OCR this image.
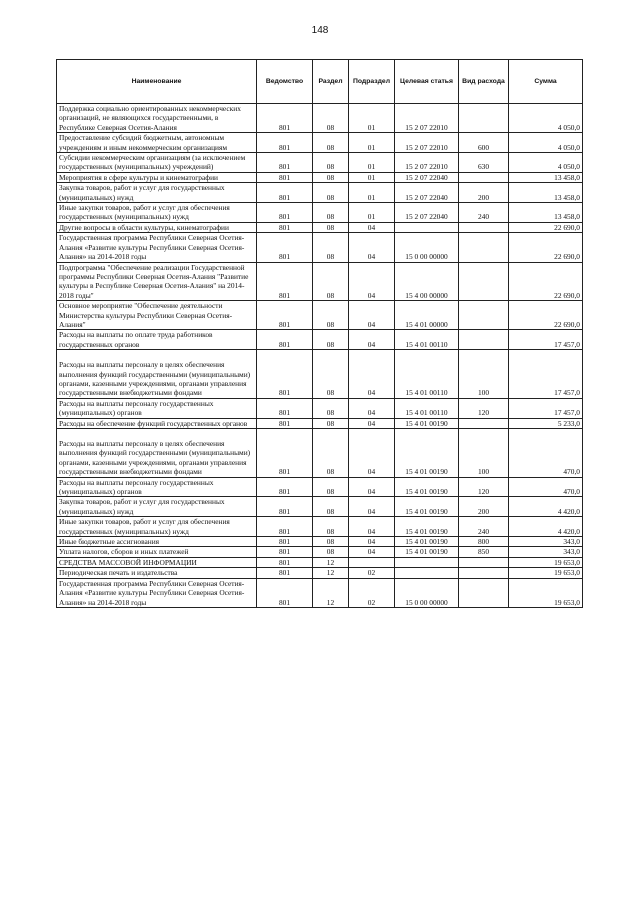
148
Наименование	Ведомство	Раздел	Подраздел	Целевая статья	Вид расхода	Сумма
Поддержка социально ориентированных некоммерческих организаций, не являющихся государственными, в Республике Северная Осетия-Алания	801	08	01	15 2 07 22010		4 050,0
Предоставление субсидий бюджетным, автономным учреждениям и иным некоммерческим организациям	801	08	01	15 2 07 22010	600	4 050,0
Субсидии некоммерческим организациям (за исключением государственных (муниципальных) учреждений)	801	08	01	15 2 07 22010	630	4 050,0
Мероприятия в сфере культуры и кинематографии	801	08	01	15 2 07 22040		13 458,0
Закупка товаров, работ и услуг для государственных (муниципальных) нужд	801	08	01	15 2 07 22040	200	13 458,0
Иные закупки товаров, работ и услуг для обеспечения государственных (муниципальных) нужд	801	08	01	15 2 07 22040	240	13 458,0
Другие вопросы в области культуры, кинематографии	801	08	04			22 690,0
Государственная программа Республики Северная Осетия-Алания «Развитие культуры Республики Северная Осетия-Алания» на 2014-2018 годы	801	08	04	15 0 00 00000		22 690,0
Подпрограмма "Обеспечение реализации Государственной программы Республики Северная Осетия-Алания "Развитие культуры в Республике Северная Осетия-Алания" на 2014-2018 годы"	801	08	04	15 4 00 00000		22 690,0
Основное мероприятие "Обеспечение деятельности Министерства культуры Республики Северная Осетия-Алания"	801	08	04	15 4 01 00000		22 690,0
Расходы на выплаты по оплате труда работников государственных органов	801	08	04	15 4 01 00110		17 457,0
Расходы на выплаты персоналу в целях обеспечения выполнения функций государственными (муниципальными) органами, казенными учреждениями, органами управления государственными внебюджетными фондами	801	08	04	15 4 01 00110	100	17 457,0
Расходы на выплаты персоналу государственных (муниципальных) органов	801	08	04	15 4 01 00110	120	17 457,0
Расходы на обеспечение функций государственных органов	801	08	04	15 4 01 00190		5 233,0
Расходы на выплаты персоналу в целях обеспечения выполнения функций государственными (муниципальными) органами, казенными учреждениями, органами управления государственными внебюджетными фондами	801	08	04	15 4 01 00190	100	470,0
Расходы на выплаты персоналу государственных (муниципальных) органов	801	08	04	15 4 01 00190	120	470,0
Закупка товаров, работ и услуг для государственных (муниципальных) нужд	801	08	04	15 4 01 00190	200	4 420,0
Иные закупки товаров, работ и услуг для обеспечения государственных (муниципальных) нужд	801	08	04	15 4 01 00190	240	4 420,0
Иные бюджетные ассигнования	801	08	04	15 4 01 00190	800	343,0
Уплата налогов, сборов и иных платежей	801	08	04	15 4 01 00190	850	343,0
СРЕДСТВА МАССОВОЙ ИНФОРМАЦИИ	801	12				19 653,0
Периодическая печать и издательства	801	12	02			19 653,0
Государственная программа Республики Северная Осетия-Алания «Развитие культуры Республики Северная Осетия-Алания» на 2014-2018 годы	801	12	02	15 0 00 00000		19 653,0
